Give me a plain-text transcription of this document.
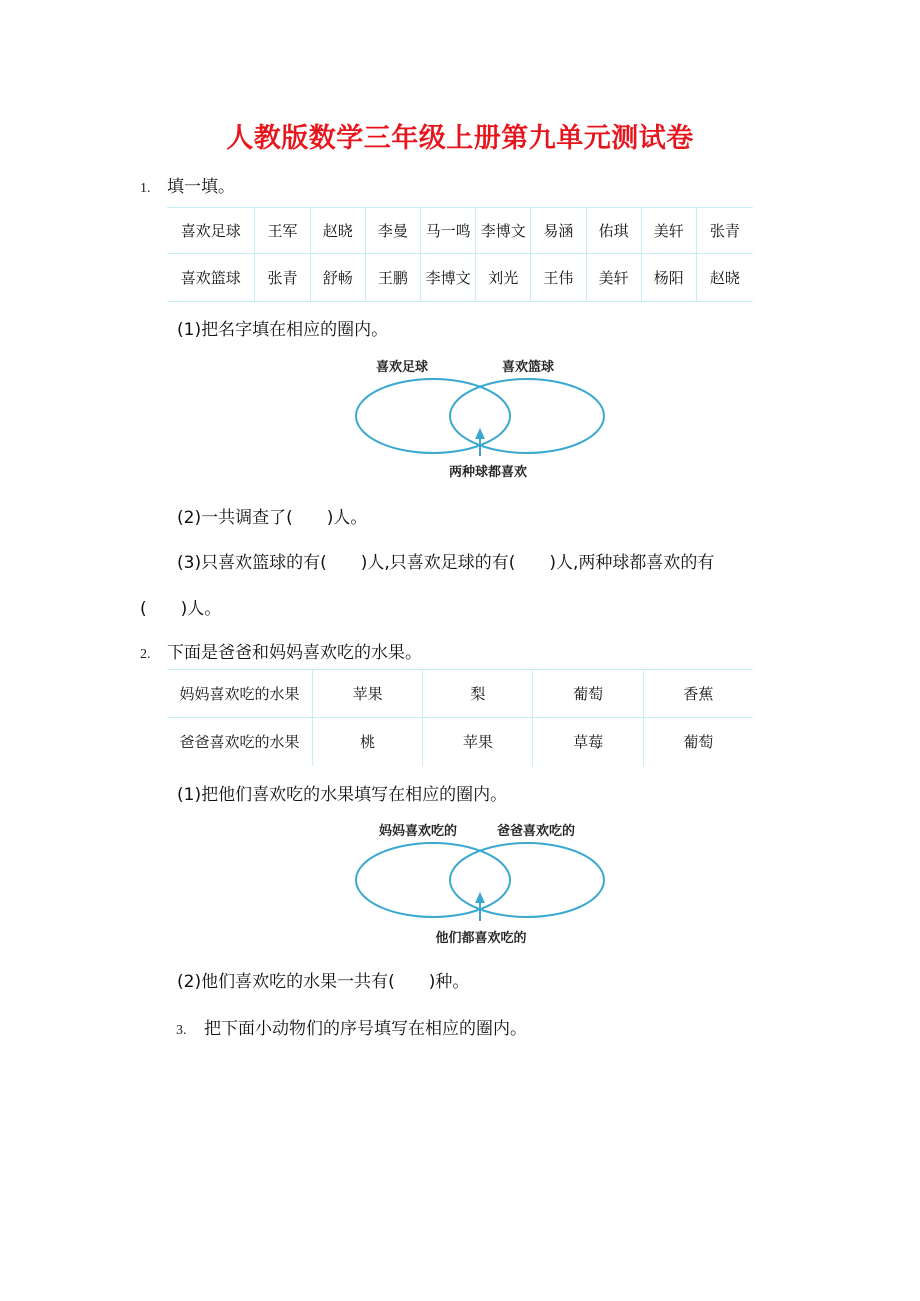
人教版数学三年级上册第九单元测试卷
1. 填一填。
喜欢足球	王军	赵晓	李曼	马一鸣	李博文	易涵	佑琪	美轩	张青
喜欢篮球	张青	舒畅	王鹏	李博文	刘光	王伟	美轩	杨阳	赵晓
(1)把名字填在相应的圈内。
喜欢足球	喜欢篮球
两种球都喜欢
(2)一共调查了(　　)人。
(3)只喜欢篮球的有(　　)人,只喜欢足球的有(　　)人,两种球都喜欢的有
(　　)人。
2. 下面是爸爸和妈妈喜欢吃的水果。
妈妈喜欢吃的水果	苹果	梨	葡萄	香蕉
爸爸喜欢吃的水果	桃	苹果	草莓	葡萄
(1)把他们喜欢吃的水果填写在相应的圈内。
妈妈喜欢吃的	爸爸喜欢吃的
他们都喜欢吃的
(2)他们喜欢吃的水果一共有(　　)种。
3. 把下面小动物们的序号填写在相应的圈内。
